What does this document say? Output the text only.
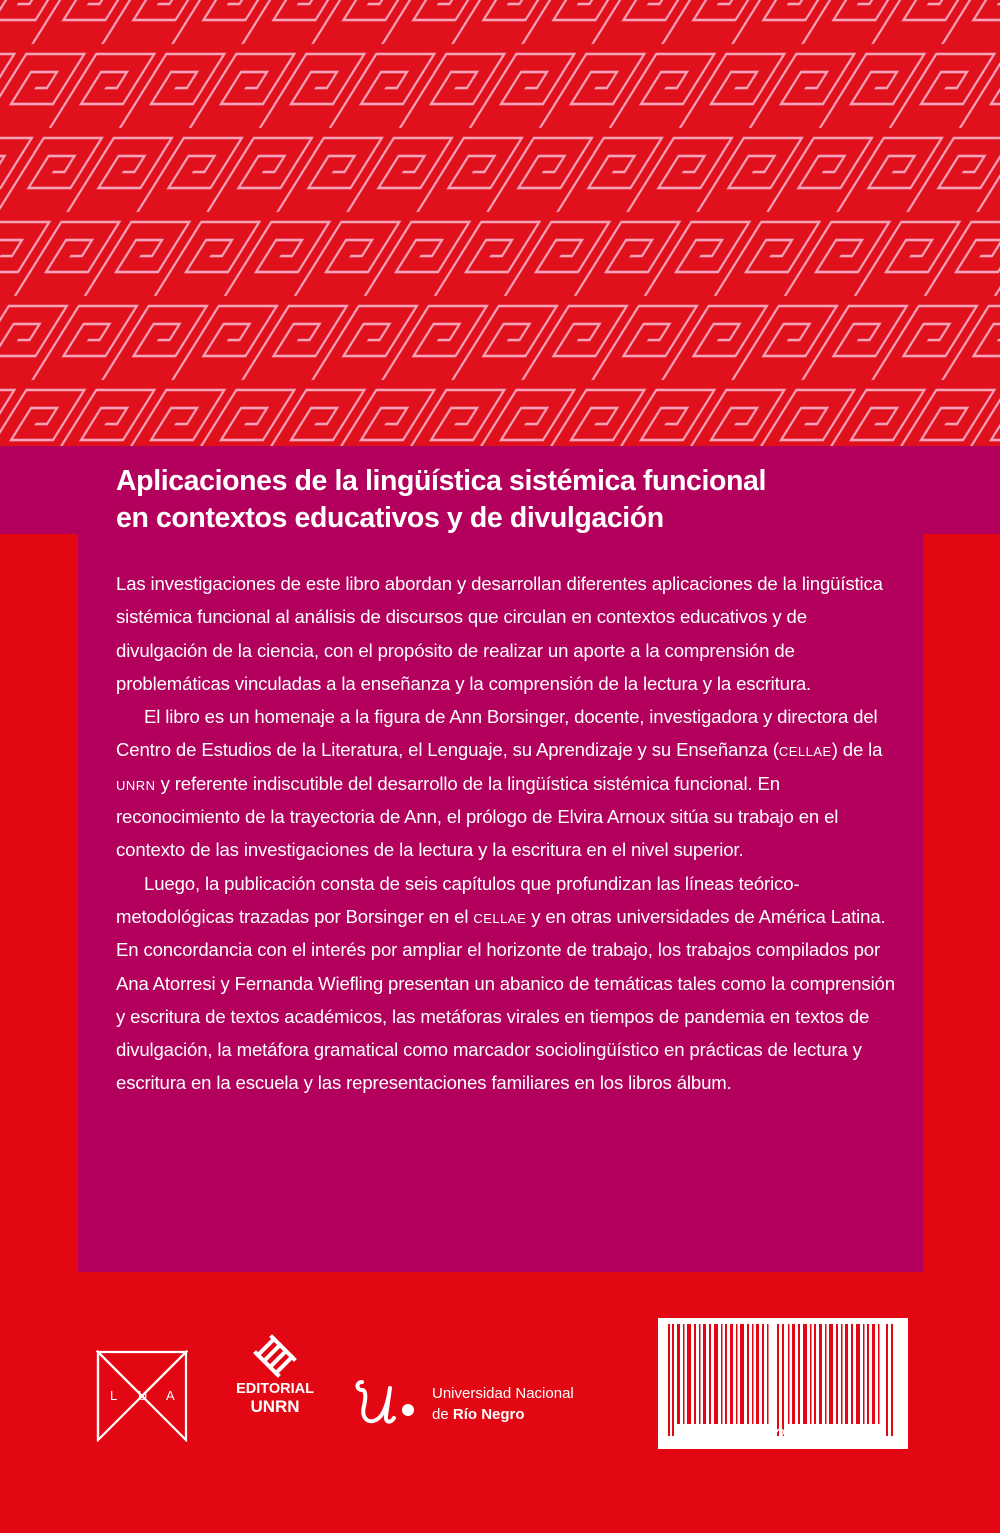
Aplicaciones de la lingüística sistémica funcional
en contextos educativos y de divulgación

Las investigaciones de este libro abordan y desarrollan diferentes aplicaciones de la lingüística sistémica funcional al análisis de discursos que circulan en contextos educativos y de divulgación de la ciencia, con el propósito de realizar un aporte a la comprensión de problemáticas vinculadas a la enseñanza y la comprensión de la lectura y la escritura.

El libro es un homenaje a la figura de Ann Borsinger, docente, investigadora y directora del Centro de Estudios de la Literatura, el Lenguaje, su Aprendizaje y su Enseñanza (cellae) de la unrn y referente indiscutible del desarrollo de la lingüística sistémica funcional. En reconocimiento de la trayectoria de Ann, el prólogo de Elvira Arnoux sitúa su trabajo en el contexto de las investigaciones de la lectura y la escritura en el nivel superior.

Luego, la publicación consta de seis capítulos que profundizan las líneas teórico-metodológicas trazadas por Borsinger en el cellae y en otras universidades de América Latina. En concordancia con el interés por ampliar el horizonte de trabajo, los trabajos compilados por Ana Atorresi y Fernanda Wiefling presentan un abanico de temáticas tales como la comprensión y escritura de textos académicos, las metáforas virales en tiempos de pandemia en textos de divulgación, la metáfora gramatical como marcador sociolingüístico en prácticas de lectura y escritura en la escuela y las representaciones familiares en los libros álbum.

L U A	EDITORIAL
UNRN
Universidad Nacional
de Río Negro
9 789878 258195
